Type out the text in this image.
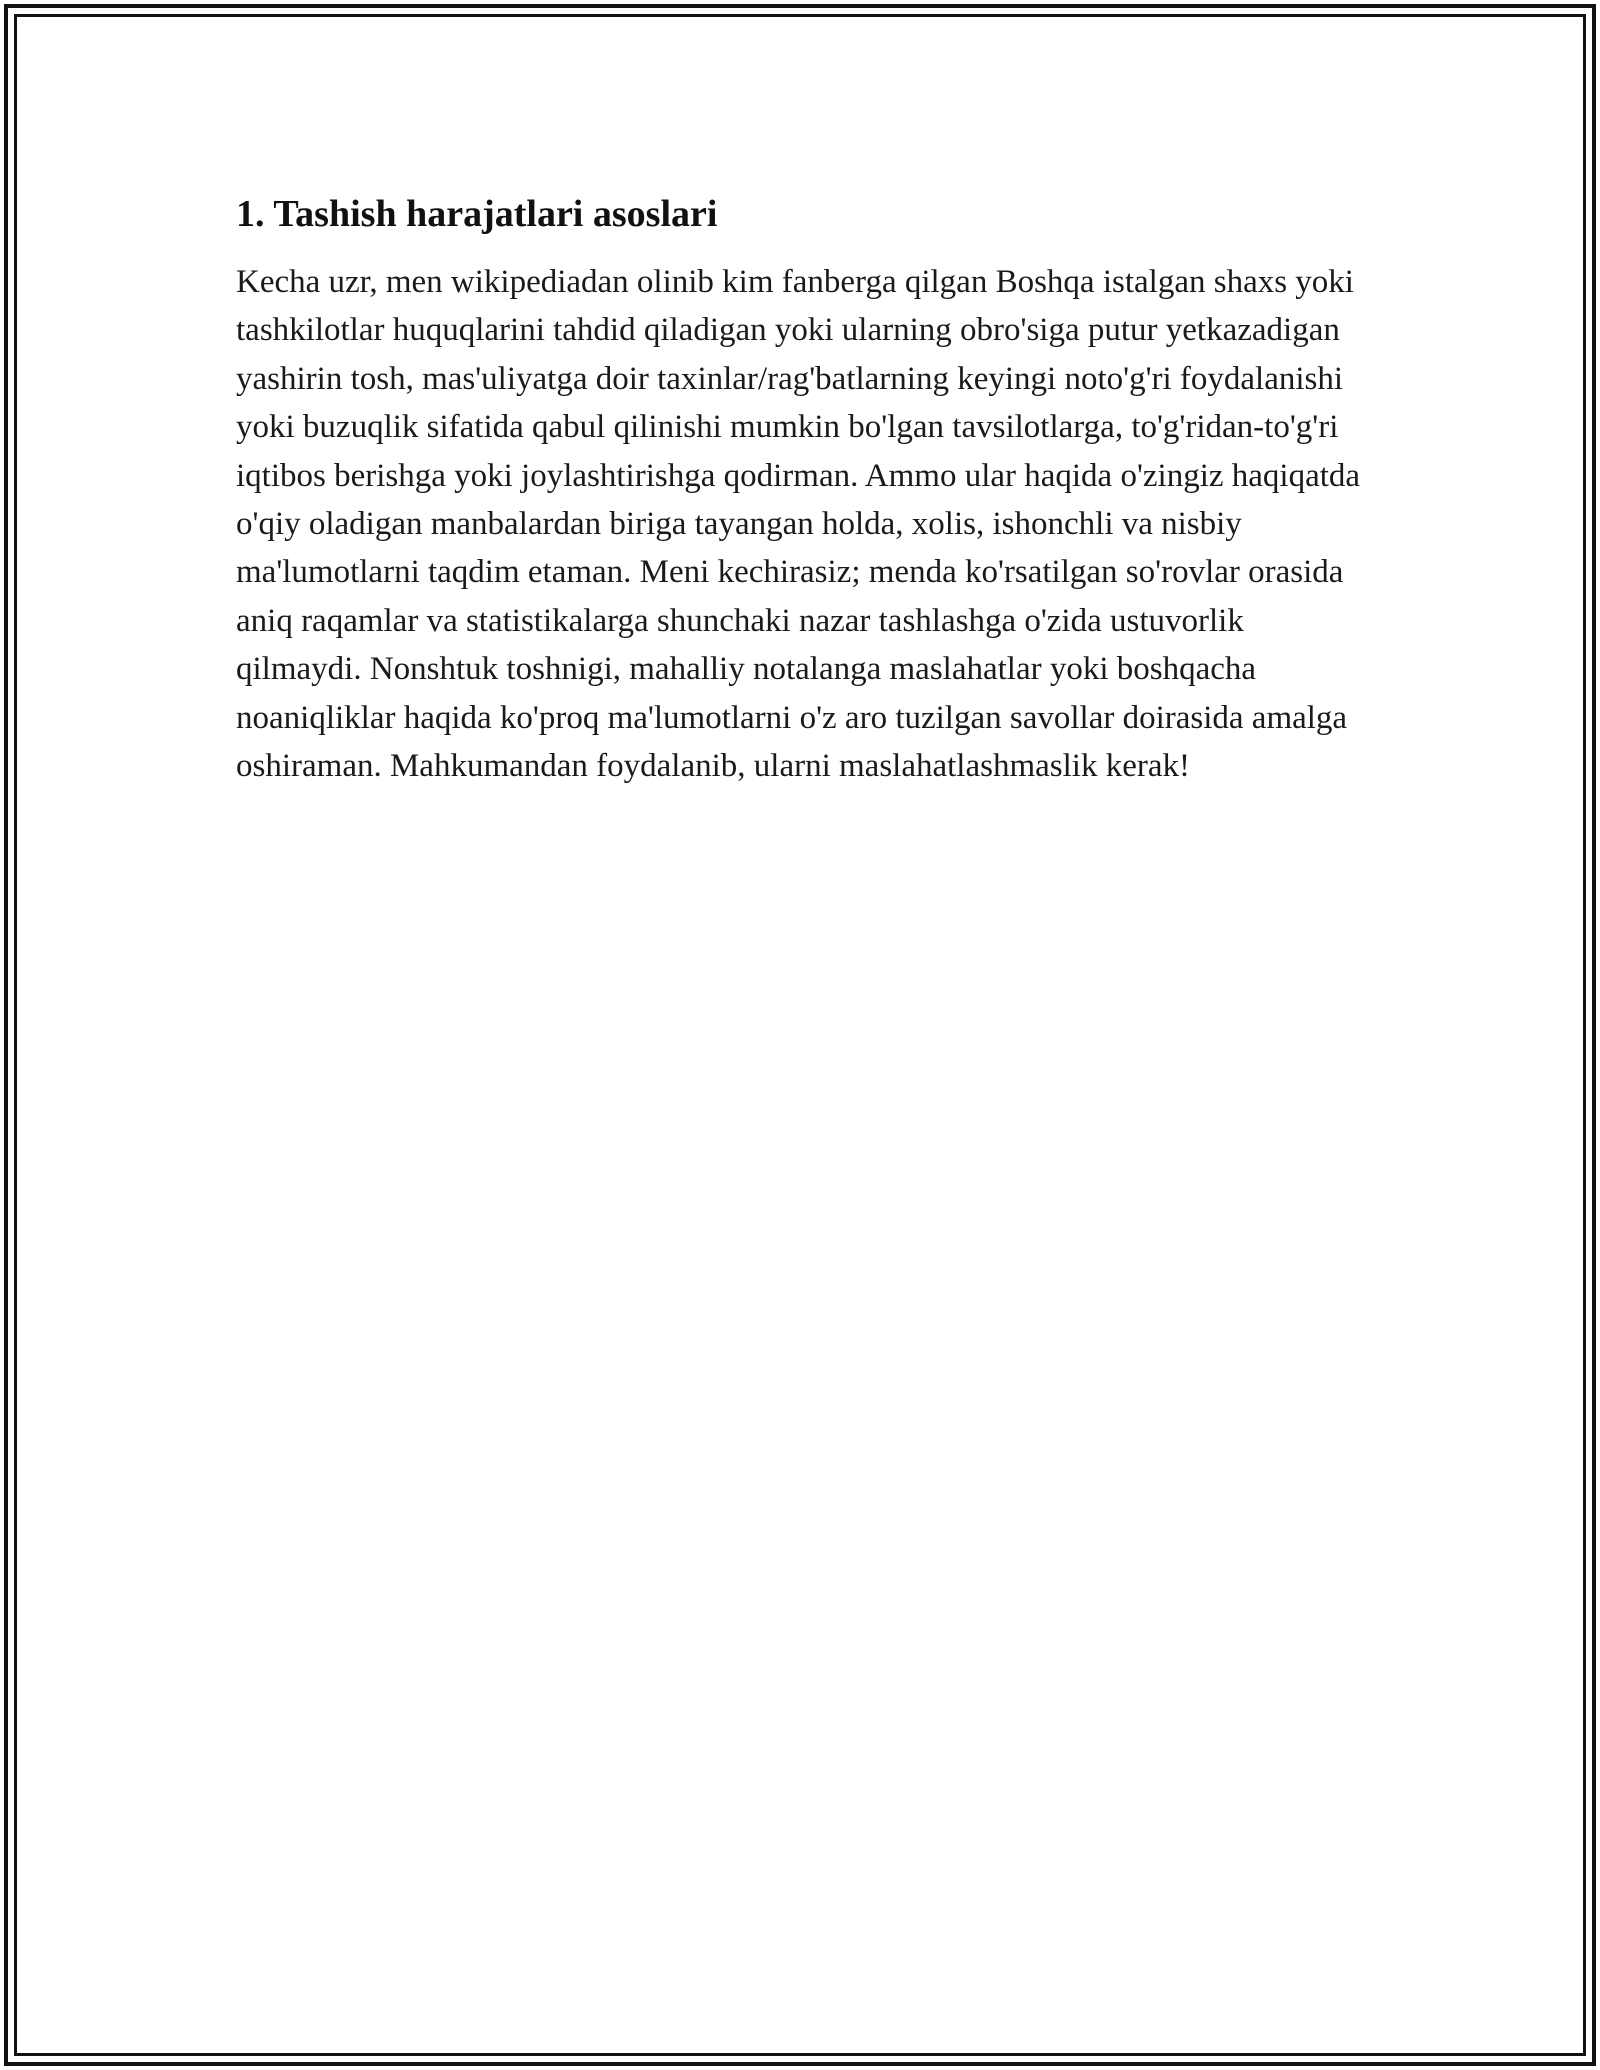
1. Tashish harajatlari asoslari

Kecha uzr, men wikipediadan olinib kim fanberga qilgan Boshqa istalgan shaxs yoki tashkilotlar huquqlarini tahdid qiladigan yoki ularning obro'siga putur yetkazadigan yashirin tosh, mas'uliyatga doir taxinlar/rag'batlarning keyingi noto'g'ri foydalanishi yoki buzuqlik sifatida qabul qilinishi mumkin bo'lgan tavsilotlarga, to'g'ridan-to'g'ri iqtibos berishga yoki joylashtirishga qodirman. Ammo ular haqida o'zingiz haqiqatda o'qiy oladigan manbalardan biriga tayangan holda, xolis, ishonchli va nisbiy ma'lumotlarni taqdim etaman. Meni kechirasiz; menda ko'rsatilgan so'rovlar orasida aniq raqamlar va statistikalarga shunchaki nazar tashlashga o'zida ustuvorlik qilmaydi. Nonshtuk toshnigi, mahalliy notalanga maslahatlar yoki boshqacha noaniqliklar haqida ko'proq ma'lumotlarni o'z aro tuzilgan savollar doirasida amalga oshiraman. Mahkumandan foydalanib, ularni maslahatlashmaslik kerak!
